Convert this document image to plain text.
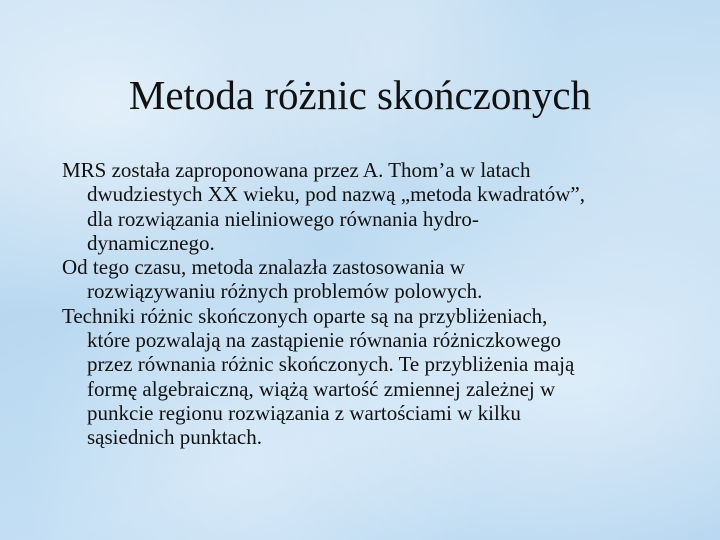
Metoda różnic skończonych

MRS została zaproponowana przez A. Thom’a w latach
dwudziestych XX wieku, pod nazwą „metoda kwadratów”,
dla rozwiązania nieliniowego równania hydro-
dynamicznego.

Od tego czasu, metoda znalazła zastosowania w
rozwiązywaniu różnych problemów polowych.

Techniki różnic skończonych oparte są na przybliżeniach,
które pozwalają na zastąpienie równania różniczkowego
przez równania różnic skończonych. Te przybliżenia mają
formę algebraiczną, wiążą wartość zmiennej zależnej w
punkcie regionu rozwiązania z wartościami w kilku
sąsiednich punktach.
